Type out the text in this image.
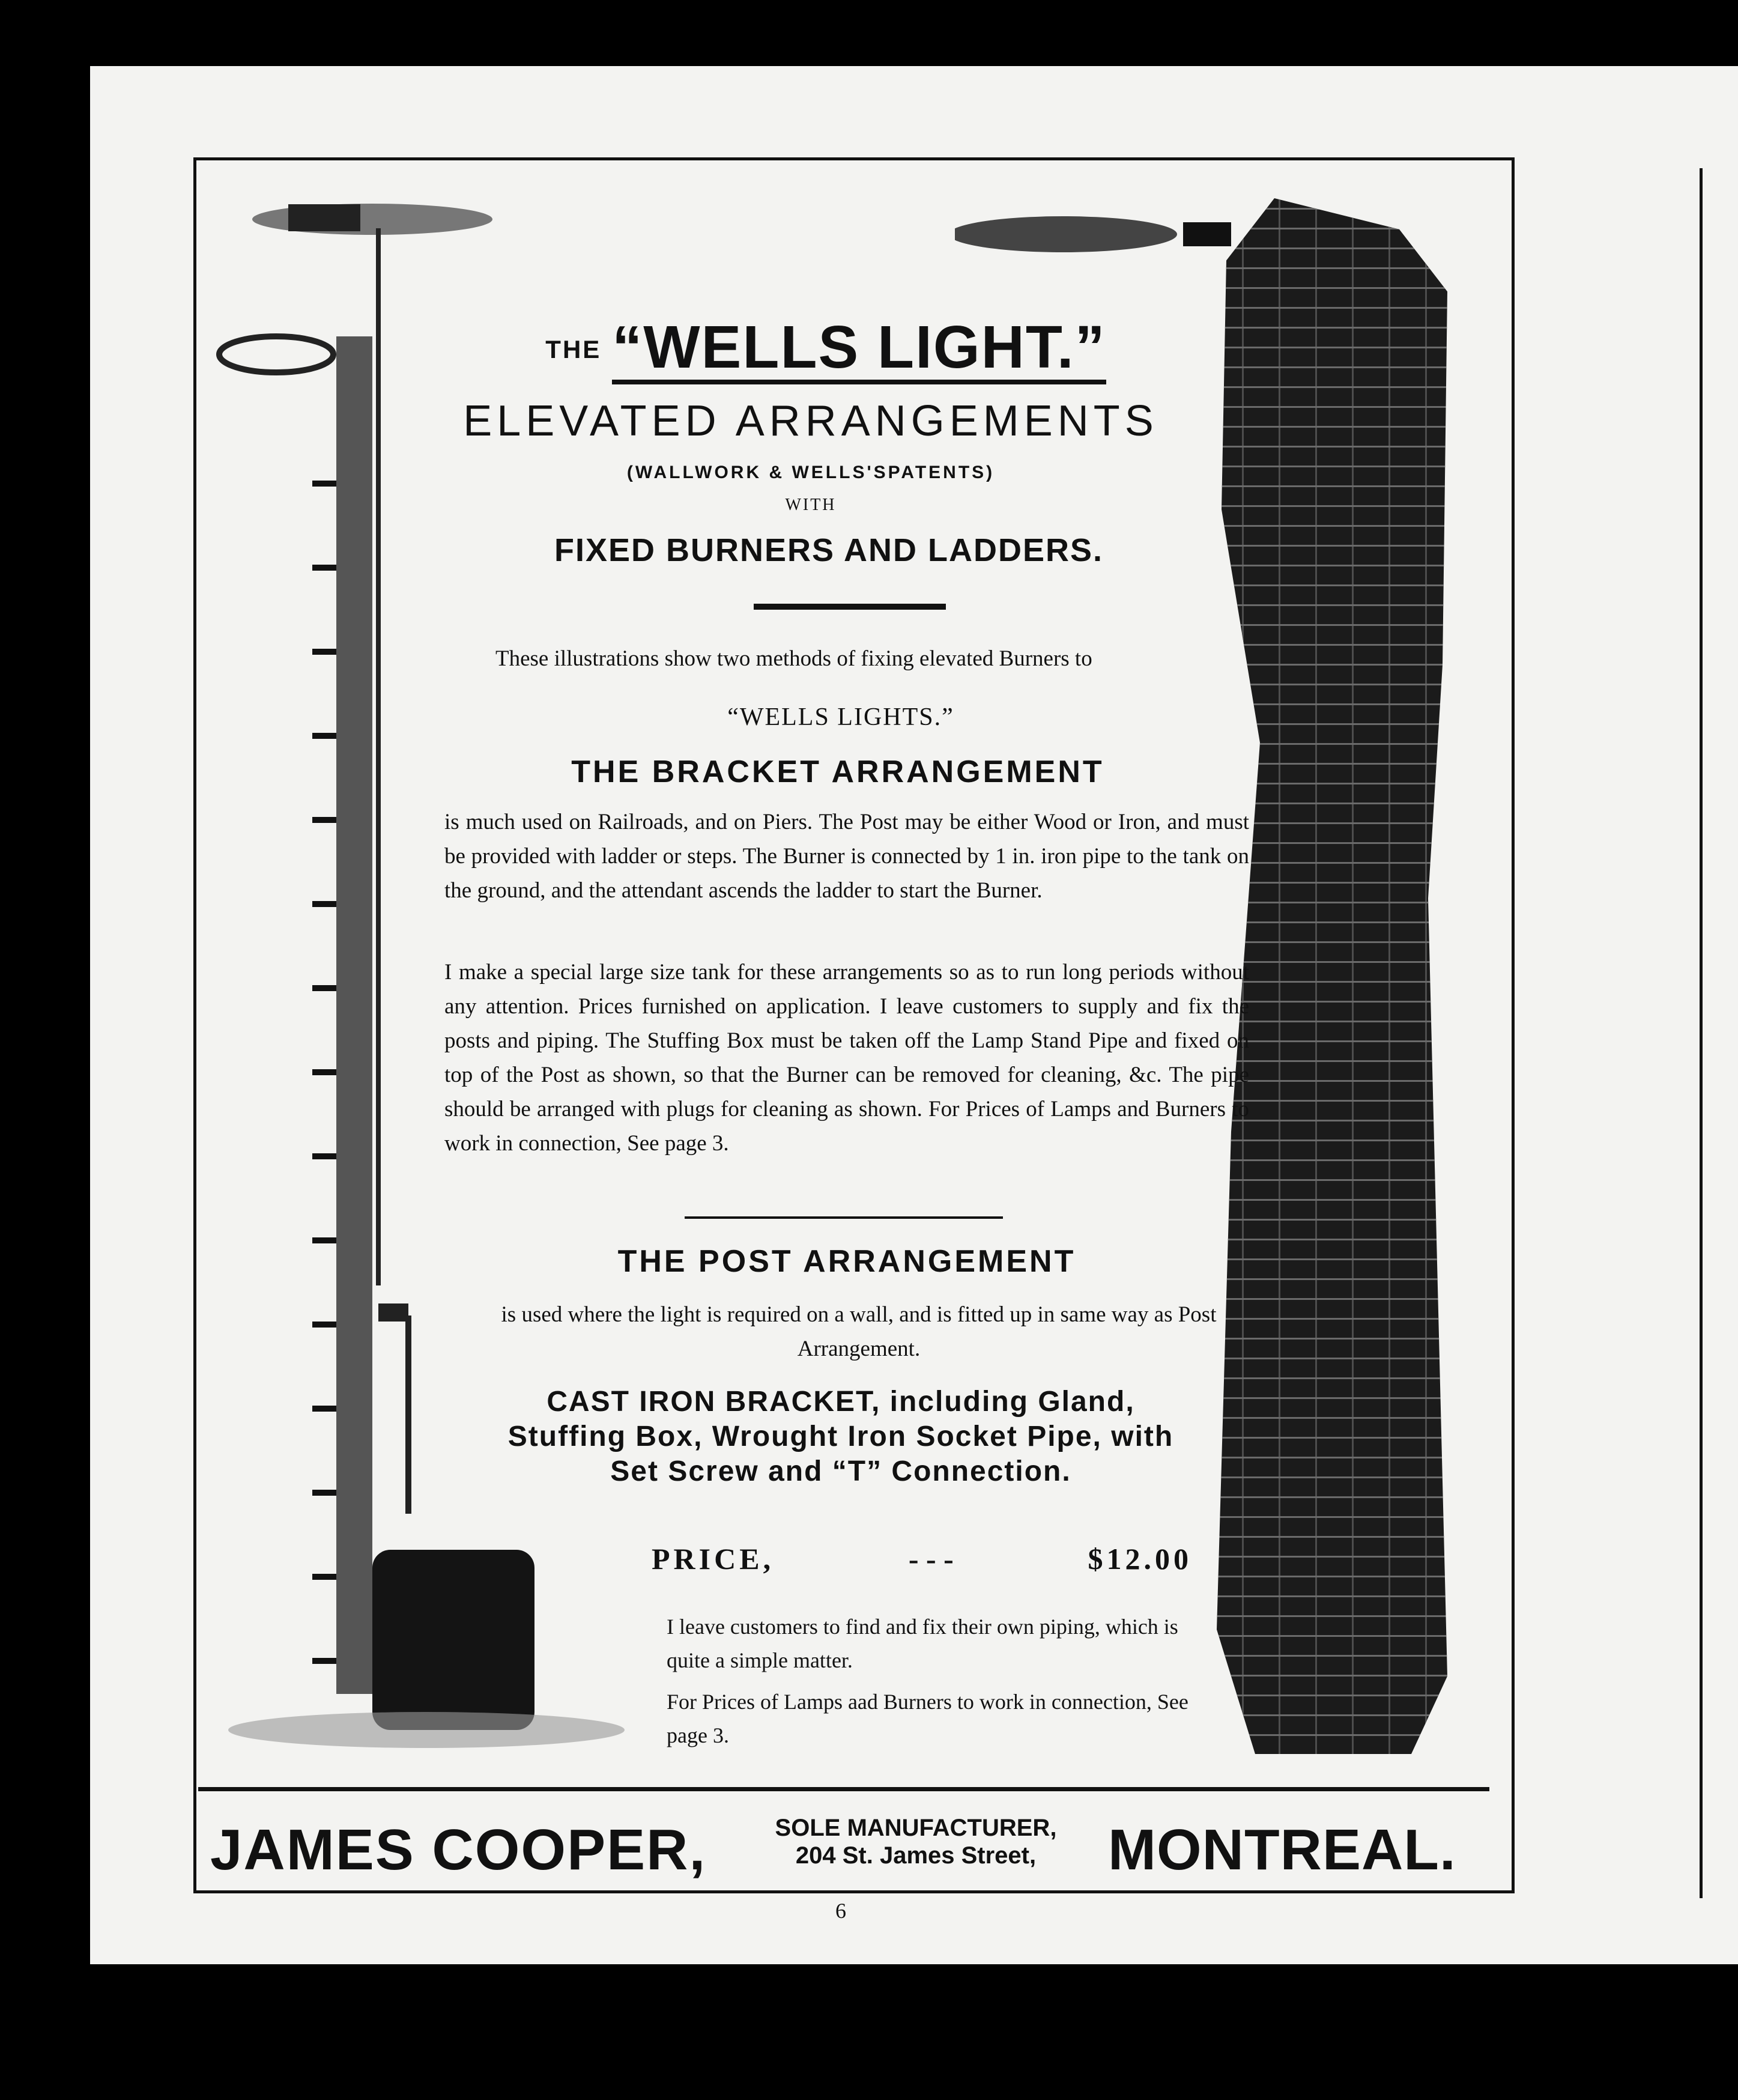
THE “WELLS LIGHT.”
ELEVATED ARRANGEMENTS
(WALLWORK & WELLS'SPATENTS)
WITH
FIXED BURNERS AND LADDERS.
These illustrations show two methods of fixing elevated Burners to
“WELLS LIGHTS.”
THE BRACKET ARRANGEMENT
is much used on Railroads, and on Piers. The Post may be either Wood or Iron, and must be provided with ladder or steps. The Burner is connected by 1 in. iron pipe to the tank on the ground, and the attendant ascends the ladder to start the Burner.
I make a special large size tank for these arrangements so as to run long periods without any attention. Prices furnished on application. I leave customers to supply and fix the posts and piping. The Stuffing Box must be taken off the Lamp Stand Pipe and fixed on top of the Post as shown, so that the Burner can be removed for cleaning, &c. The pipe should be arranged with plugs for cleaning as shown. For Prices of Lamps and Burners to work in connection, See page 3.
THE POST ARRANGEMENT
is used where the light is required on a wall, and is fitted up in same way as Post Arrangement.
CAST IRON BRACKET, including Gland, Stuffing Box, Wrought Iron Socket Pipe, with Set Screw and “T” Connection.
PRICE,	- - -	$12.00
I leave customers to find and fix their own piping, which is quite a simple matter.
For Prices of Lamps aad Burners to work in connection, See page 3.
JAMES COOPER,	SOLE MANUFACTURER,
204 St. James Street,	MONTREAL.
6
